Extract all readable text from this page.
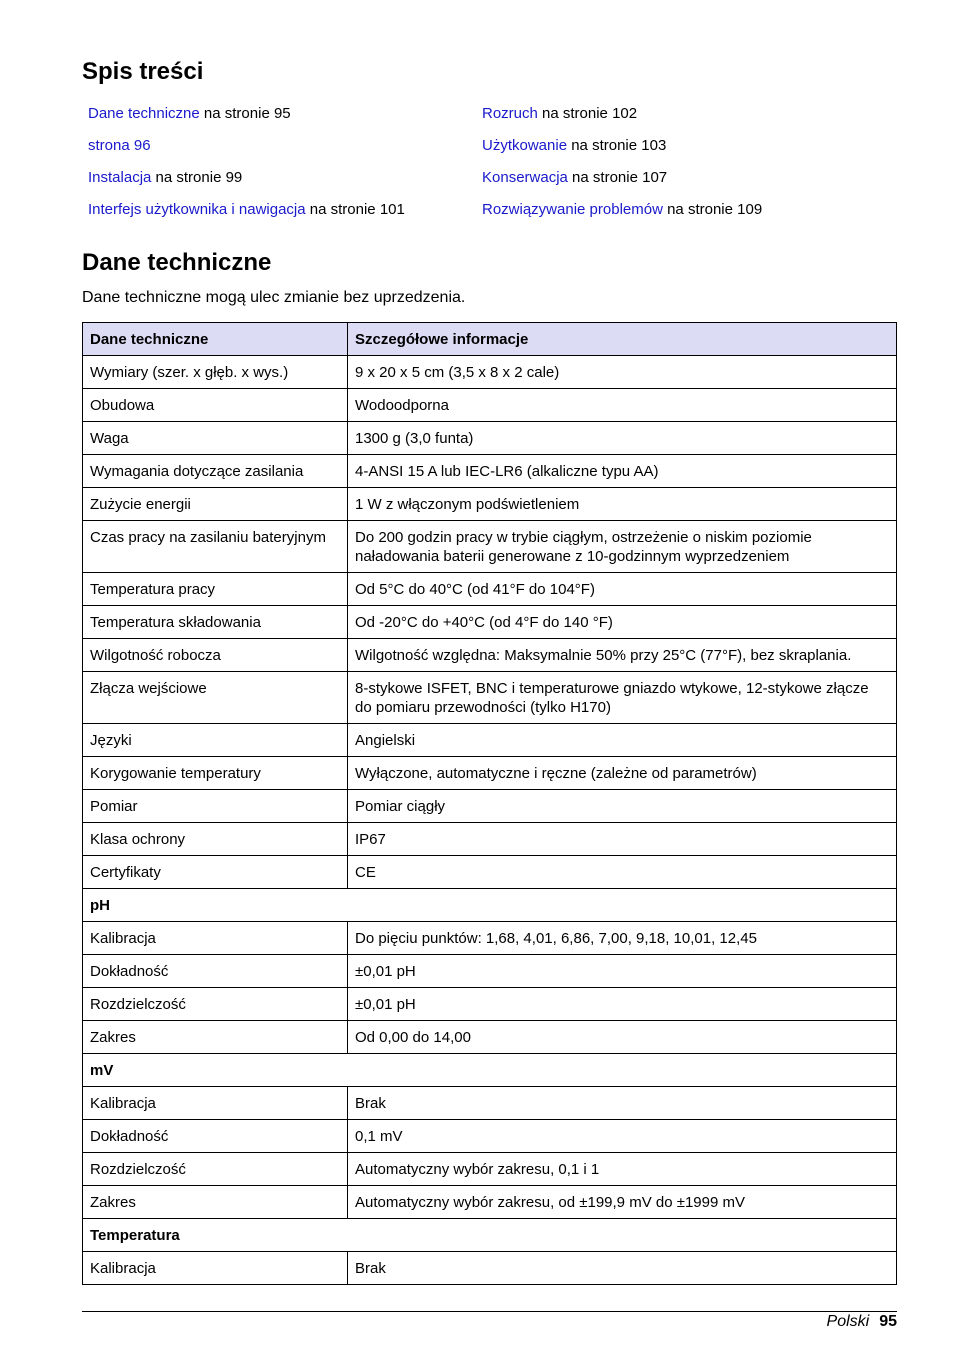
Spis treści
Dane techniczne na stronie 95	Rozruch na stronie 102
strona 96	Użytkowanie na stronie 103
Instalacja na stronie 99	Konserwacja na stronie 107
Interfejs użytkownika i nawigacja na stronie 101	Rozwiązywanie problemów na stronie 109
Dane techniczne
Dane techniczne mogą ulec zmianie bez uprzedzenia.
Dane techniczne	Szczegółowe informacje
Wymiary (szer. x głęb. x wys.)	9 x 20 x 5 cm (3,5 x 8 x 2 cale)
Obudowa	Wodoodporna
Waga	1300 g (3,0 funta)
Wymagania dotyczące zasilania	4-ANSI 15 A lub IEC-LR6 (alkaliczne typu AA)
Zużycie energii	1 W z włączonym podświetleniem
Czas pracy na zasilaniu bateryjnym	Do 200 godzin pracy w trybie ciągłym, ostrzeżenie o niskim poziomie naładowania baterii generowane z 10-godzinnym wyprzedzeniem
Temperatura pracy	Od 5°C do 40°C (od 41°F do 104°F)
Temperatura składowania	Od -20°C do +40°C (od 4°F do 140 °F)
Wilgotność robocza	Wilgotność względna: Maksymalnie 50% przy 25°C (77°F), bez skraplania.
Złącza wejściowe	8-stykowe ISFET, BNC i temperaturowe gniazdo wtykowe, 12-stykowe złącze do pomiaru przewodności (tylko H170)
Języki	Angielski
Korygowanie temperatury	Wyłączone, automatyczne i ręczne (zależne od parametrów)
Pomiar	Pomiar ciągły
Klasa ochrony	IP67
Certyfikaty	CE
pH	
Kalibracja	Do pięciu punktów: 1,68, 4,01, 6,86, 7,00, 9,18, 10,01, 12,45
Dokładność	±0,01 pH
Rozdzielczość	±0,01 pH
Zakres	Od 0,00 do 14,00
mV	
Kalibracja	Brak
Dokładność	0,1 mV
Rozdzielczość	Automatyczny wybór zakresu, 0,1 i 1
Zakres	Automatyczny wybór zakresu, od ±199,9 mV do ±1999 mV
Temperatura	
Kalibracja	Brak
Polski 95
